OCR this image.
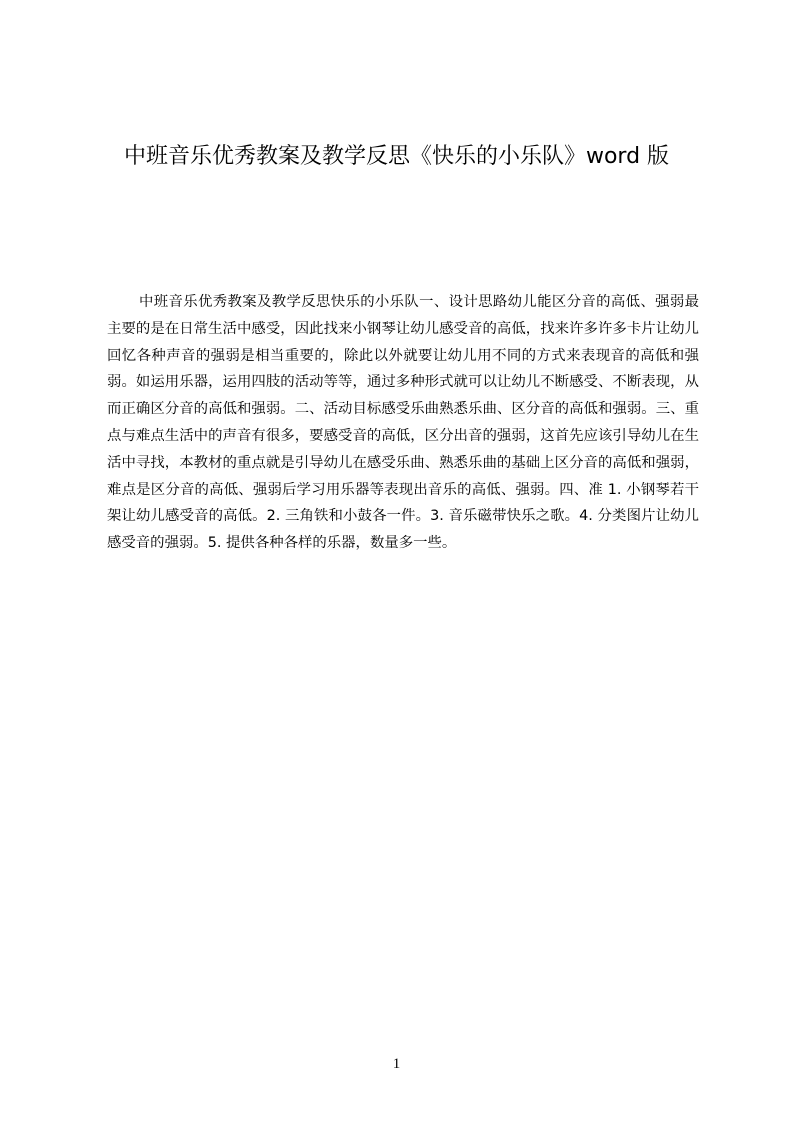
中班音乐优秀教案及教学反思《快乐的小乐队》word 版

中班音乐优秀教案及教学反思快乐的小乐队一、设计思路幼儿能区分音的高低、强弱最主要的是在日常生活中感受，因此找来小钢琴让幼儿感受音的高低，找来许多许多卡片让幼儿回忆各种声音的强弱是相当重要的，除此以外就要让幼儿用不同的方式来表现音的高低和强弱。如运用乐器，运用四肢的活动等等，通过多种形式就可以让幼儿不断感受、不断表现，从而正确区分音的高低和强弱。二、活动目标感受乐曲熟悉乐曲、区分音的高低和强弱。三、重点与难点生活中的声音有很多，要感受音的高低，区分出音的强弱，这首先应该引导幼儿在生活中寻找，本教材的重点就是引导幼儿在感受乐曲、熟悉乐曲的基础上区分音的高低和强弱，难点是区分音的高低、强弱后学习用乐器等表现出音乐的高低、强弱。四、准 1. 小钢琴若干架让幼儿感受音的高低。2. 三角铁和小鼓各一件。3. 音乐磁带快乐之歌。4. 分类图片让幼儿感受音的强弱。5. 提供各种各样的乐器，数量多一些。

1
